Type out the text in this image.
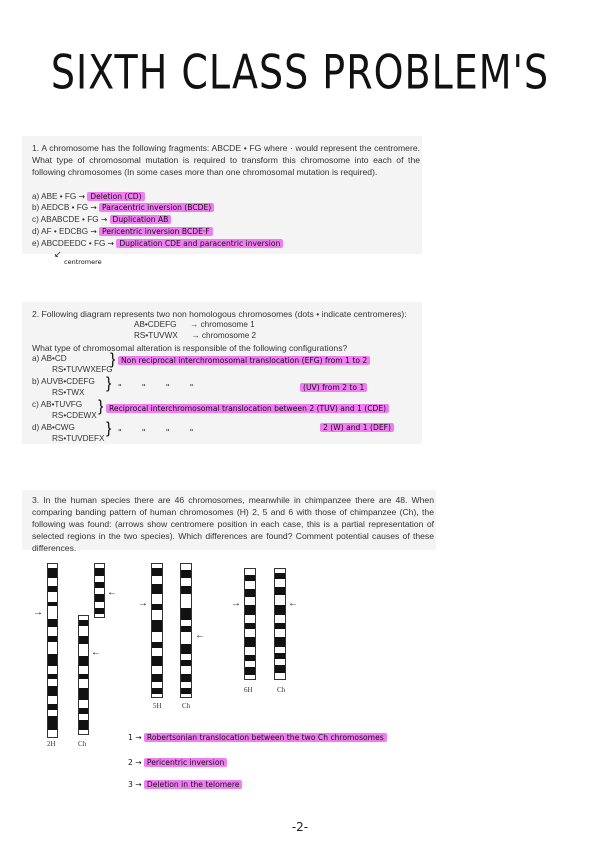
SIXTH CLASS PROBLEM'S
1. A chromosome has the following fragments: ABCDE • FG where · would represent the centromere. What type of chromosomal mutation is required to transform this chromosome into each of the following chromosomes (In some cases more than one chromosomal mutation is required).
a) ABE • FG → Deletion (CD)
b) AEDCB • FG → Paracentric inversion (BCDE)
c) ABABCDE • FG → Duplication AB
d) AF • EDCBG → Pericentric inversion BCDE·F
e) ABCDEEDC • FG → Duplication CDE and paracentric inversion
↙
centromere
2. Following diagram represents two non homologous chromosomes (dots • indicate centromeres):
AB•CDEFG → chromosome 1
RS•TUVWX → chromosome 2
What type of chromosomal alteration is responsible of the following configurations?
a) AB•CD
RS•TUVWXEFG
} Non reciprocal interchromosomal translocation (EFG) from 1 to 2
b) AUVB•CDEFG
RS•TWX
} " " " "	(UV) from 2 to 1
c) AB•TUVFG
RS•CDEWX
} Reciprocal interchromosomal translocation between 2 (TUV) and 1 (CDE)
d) AB•CWG
RS•TUVDEFX
} " " " "
2 (W) and 1 (DEF)
3. In the human species there are 46 chromosomes, meanwhile in chimpanzee there are 48. When comparing banding pattern of human chromosomes (H) 2, 5 and 6 with those of chimpanzee (Ch), the following was found: (arrows show centromere position in each case, this is a partial representation of selected regions in the two species). Which differences are found? Comment potential causes of these differences.
→
←
←
→
←
→	←
2H	Ch
5H	Ch
6H	Ch
1 → Robertsonian translocation between the two Ch chromosomes
2 → Pericentric inversion
3 → Deletion in the telomere
-2-
